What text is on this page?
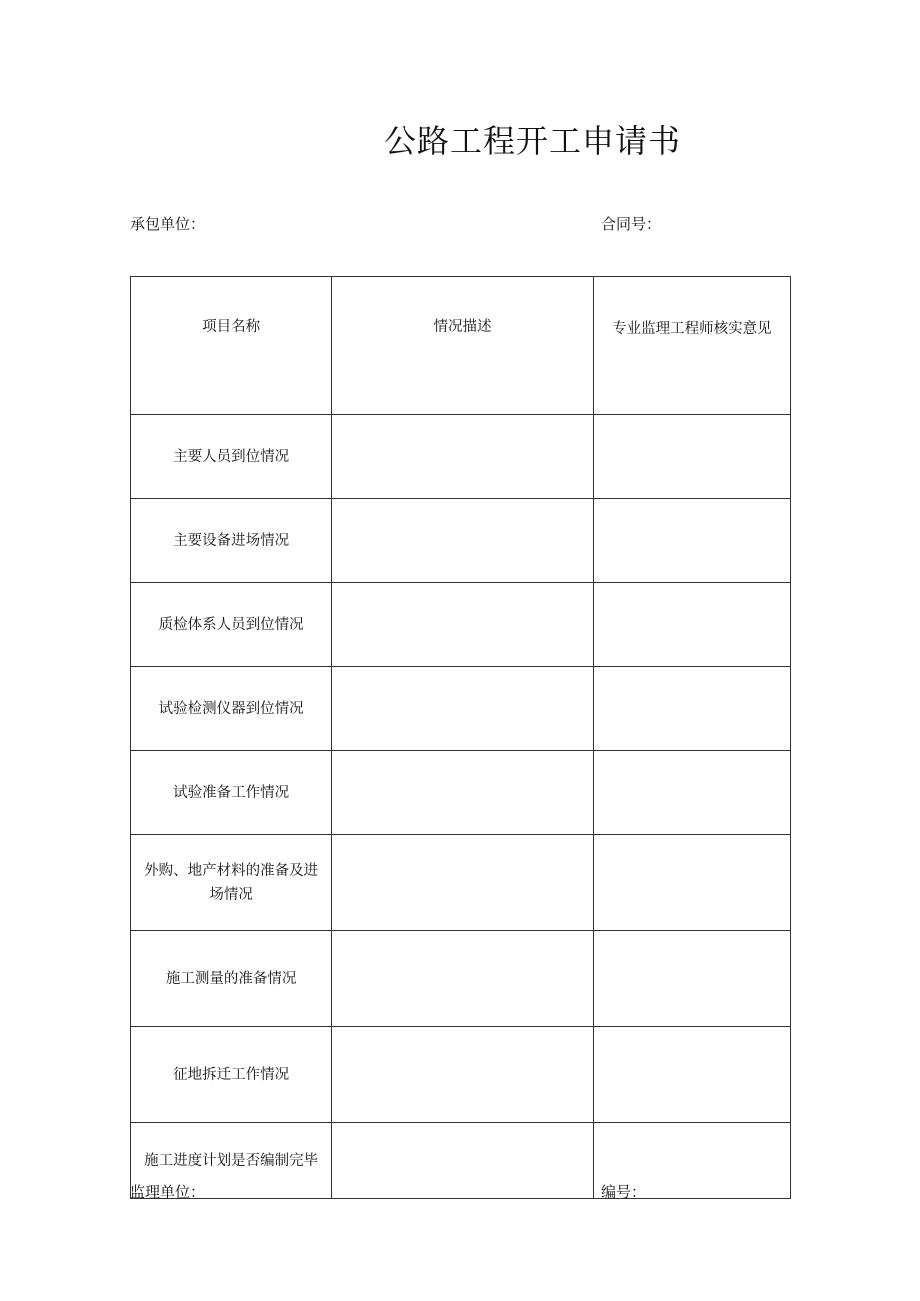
公路工程开工申请书
承包单位：	合同号：
项目名称	情况描述	专业监理工程师核实意见
主要人员到位情况		
主要设备进场情况		
质检体系人员到位情况		
试验检测仪器到位情况		
试验准备工作情况		
外购、地产材料的准备及进场情况		
施工测量的准备情况		
征地拆迁工作情况		
施工进度计划是否编制完毕		
监理单位：	编号：
